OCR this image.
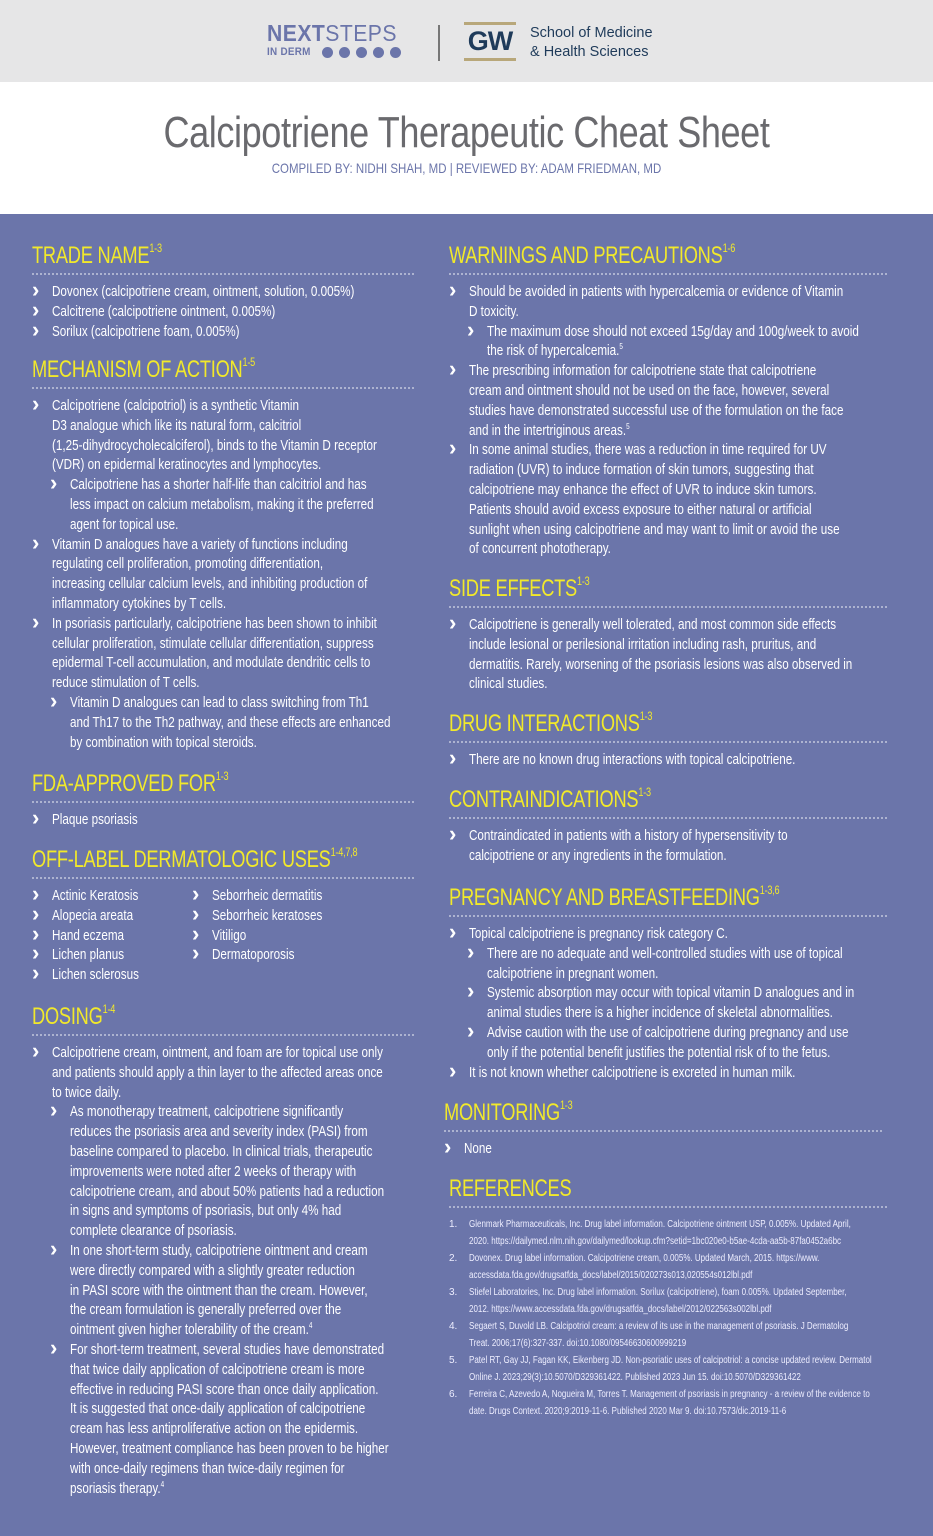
NEXTSTEPS
IN DERM	GW School of Medicine
& Health Sciences
Calcipotriene Therapeutic Cheat Sheet
COMPILED BY: NIDHI SHAH, MD | REVIEWED BY: ADAM FRIEDMAN, MD
TRADE NAME$^{1-3}$
› Dovonex (calcipotriene cream, ointment, solution, 0.005%)
› Calcitrene (calcipotriene ointment, 0.005%)
› Sorilux (calcipotriene foam, 0.005%)
MECHANISM OF ACTION$^{1-5}$
› Calcipotriene (calcipotriol) is a synthetic Vitamin
D3 analogue which like its natural form, calcitriol
(1,25-dihydrocycholecalciferol), binds to the Vitamin D receptor
(VDR) on epidermal keratinocytes and lymphocytes.
› Calcipotriene has a shorter half-life than calcitriol and has
less impact on calcium metabolism, making it the preferred
agent for topical use.
› Vitamin D analogues have a variety of functions including
regulating cell proliferation, promoting differentiation,
increasing cellular calcium levels, and inhibiting production of
inflammatory cytokines by T cells.
› In psoriasis particularly, calcipotriene has been shown to inhibit
cellular proliferation, stimulate cellular differentiation, suppress
epidermal T-cell accumulation, and modulate dendritic cells to
reduce stimulation of T cells.
› Vitamin D analogues can lead to class switching from Th1
and Th17 to the Th2 pathway, and these effects are enhanced
by combination with topical steroids.
FDA-APPROVED FOR$^{1-3}$
› Plaque psoriasis
OFF-LABEL DERMATOLOGIC USES$^{1-4,7,8}$
› Actinic Keratosis
› Alopecia areata
› Hand eczema
› Lichen planus
› Lichen sclerosus
› Seborrheic dermatitis
› Seborrheic keratoses
› Vitiligo
› Dermatoporosis
DOSING$^{1-4}$
› Calcipotriene cream, ointment, and foam are for topical use only
and patients should apply a thin layer to the affected areas once
to twice daily.
› As monotherapy treatment, calcipotriene significantly
reduces the psoriasis area and severity index (PASI) from
baseline compared to placebo. In clinical trials, therapeutic
improvements were noted after 2 weeks of therapy with
calcipotriene cream, and about 50% patients had a reduction
in signs and symptoms of psoriasis, but only 4% had
complete clearance of psoriasis.
› In one short-term study, calcipotriene ointment and cream
were directly compared with a slightly greater reduction
in PASI score with the ointment than the cream. However,
the cream formulation is generally preferred over the
ointment given higher tolerability of the cream.$^4$
› For short-term treatment, several studies have demonstrated
that twice daily application of calcipotriene cream is more
effective in reducing PASI score than once daily application.
It is suggested that once-daily application of calcipotriene
cream has less antiproliferative action on the epidermis.
However, treatment compliance has been proven to be higher
with once-daily regimens than twice-daily regimen for
psoriasis therapy.$^4$
WARNINGS AND PRECAUTIONS$^{1-6}$
› Should be avoided in patients with hypercalcemia or evidence of Vitamin
D toxicity.
› The maximum dose should not exceed 15g/day and 100g/week to avoid
the risk of hypercalcemia.$^5$
› The prescribing information for calcipotriene state that calcipotriene
cream and ointment should not be used on the face, however, several
studies have demonstrated successful use of the formulation on the face
and in the intertriginous areas.$^5$
› In some animal studies, there was a reduction in time required for UV
radiation (UVR) to induce formation of skin tumors, suggesting that
calcipotriene may enhance the effect of UVR to induce skin tumors.
Patients should avoid excess exposure to either natural or artificial
sunlight when using calcipotriene and may want to limit or avoid the use
of concurrent phototherapy.
SIDE EFFECTS$^{1-3}$
› Calcipotriene is generally well tolerated, and most common side effects
include lesional or perilesional irritation including rash, pruritus, and
dermatitis. Rarely, worsening of the psoriasis lesions was also observed in
clinical studies.
DRUG INTERACTIONS$^{1-3}$
› There are no known drug interactions with topical calcipotriene.
CONTRAINDICATIONS$^{1-3}$
› Contraindicated in patients with a history of hypersensitivity to
calcipotriene or any ingredients in the formulation.
PREGNANCY AND BREASTFEEDING$^{1-3,6}$
› Topical calcipotriene is pregnancy risk category C.
› There are no adequate and well-controlled studies with use of topical
calcipotriene in pregnant women.
› Systemic absorption may occur with topical vitamin D analogues and in
animal studies there is a higher incidence of skeletal abnormalities.
› Advise caution with the use of calcipotriene during pregnancy and use
only if the potential benefit justifies the potential risk of to the fetus.
› It is not known whether calcipotriene is excreted in human milk.
MONITORING$^{1-3}$
› None
REFERENCES
1. Glenmark Pharmaceuticals, Inc. Drug label information. Calcipotriene ointment USP, 0.005%. Updated April,
2020. https://dailymed.nlm.nih.gov/dailymed/lookup.cfm?setid=1bc020e0-b5ae-4cda-aa5b-87fa0452a6bc
2. Dovonex. Drug label information. Calcipotriene cream, 0.005%. Updated March, 2015. https://www.
accessdata.fda.gov/drugsatfda_docs/label/2015/020273s013,020554s012lbl.pdf
3. Stiefel Laboratories, Inc. Drug label information. Sorilux (calcipotriene), foam 0.005%. Updated September,
2012. https://www.accessdata.fda.gov/drugsatfda_docs/label/2012/022563s002lbl.pdf
4. Segaert S, Duvold LB. Calcipotriol cream: a review of its use in the management of psoriasis. J Dermatolog
Treat. 2006;17(6):327-337. doi:10.1080/09546630600999219
5. Patel RT, Gay JJ, Fagan KK, Eikenberg JD. Non-psoriatic uses of calcipotriol: a concise updated review. Dermatol
Online J. 2023;29(3):10.5070/D329361422. Published 2023 Jun 15. doi:10.5070/D329361422
6. Ferreira C, Azevedo A, Nogueira M, Torres T. Management of psoriasis in pregnancy - a review of the evidence to
date. Drugs Context. 2020;9:2019-11-6. Published 2020 Mar 9. doi:10.7573/dic.2019-11-6
